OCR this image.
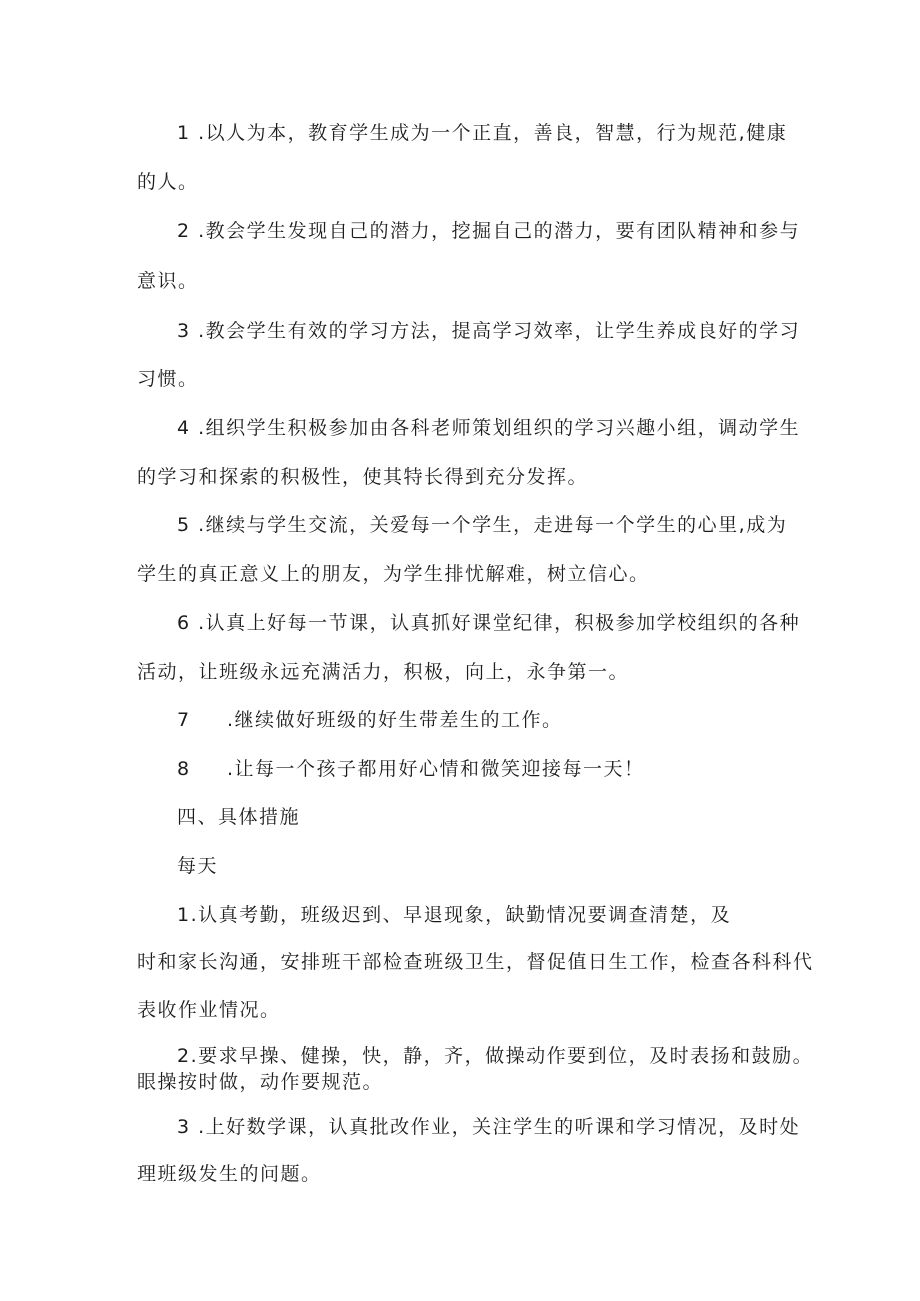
1 .以人为本，教育学生成为一个正直，善良，智慧，行为规范,健康
的人。
2 .教会学生发现自己的潜力，挖掘自己的潜力，要有团队精神和参与
意识。
3 .教会学生有效的学习方法，提高学习效率，让学生养成良好的学习
习惯。
4 .组织学生积极参加由各科老师策划组织的学习兴趣小组，调动学生
的学习和探索的积极性，使其特长得到充分发挥。
5 .继续与学生交流，关爱每一个学生，走进每一个学生的心里,成为
学生的真正意义上的朋友，为学生排忧解难，树立信心。
6 .认真上好每一节课，认真抓好课堂纪律，积极参加学校组织的各种
活动，让班级永远充满活力，积极，向上，永争第一。
7 .继续做好班级的好生带差生的工作。
8 .让每一个孩子都用好心情和微笑迎接每一天！
四、具体措施
每天
1.认真考勤，班级迟到、早退现象，缺勤情况要调查清楚，及
时和家长沟通，安排班干部检查班级卫生，督促值日生工作，检查各科科代
表收作业情况。
2.要求早操、健操，快，静，齐，做操动作要到位，及时表扬和鼓励。
眼操按时做，动作要规范。
3 .上好数学课，认真批改作业，关注学生的听课和学习情况，及时处
理班级发生的问题。
